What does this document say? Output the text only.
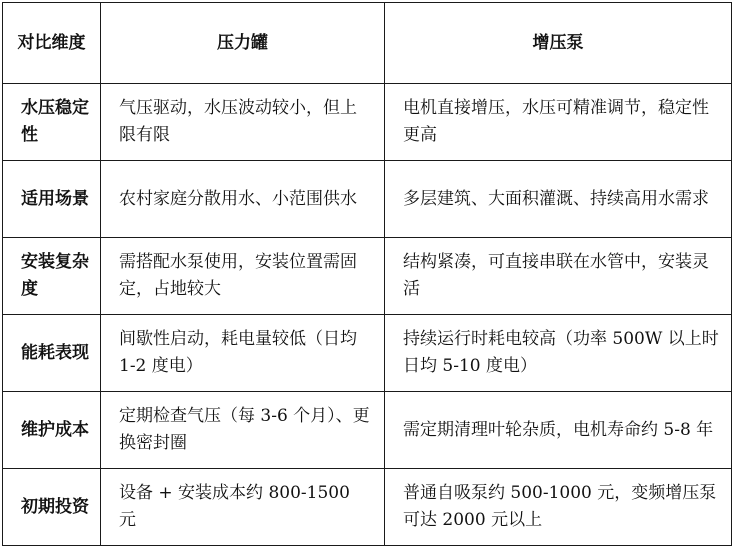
对比维度	压力罐	增压泵
水压稳定性	气压驱动，水压波动较小，但上限有限	电机直接增压，水压可精准调节，稳定性更高
适用场景	农村家庭分散用水、小范围供水	多层建筑、大面积灌溉、持续高用水需求
安装复杂度	需搭配水泵使用，安装位置需固定，占地较大	结构紧凑，可直接串联在水管中，安装灵活
能耗表现	间歇性启动，耗电量较低（日均 1-2 度电）	持续运行时耗电较高（功率 500W 以上时日均 5-10 度电）
维护成本	定期检查气压（每 3-6 个月）、更换密封圈	需定期清理叶轮杂质，电机寿命约 5-8 年
初期投资	设备 + 安装成本约 800-1500 元	普通自吸泵约 500-1000 元，变频增压泵可达 2000 元以上
